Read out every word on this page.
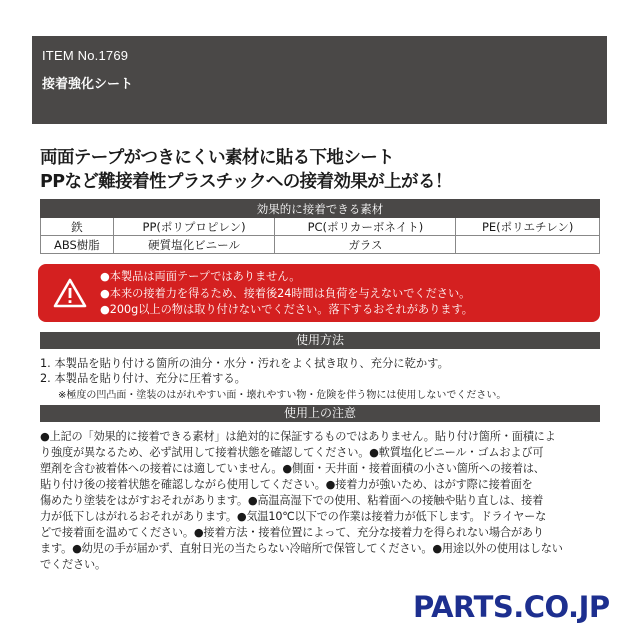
ITEM No.1769
接着強化シート
両面テープがつきにくい素材に貼る下地シート
PPなど難接着性プラスチックへの接着効果が上がる！
効果的に接着できる素材			
鉄	PP(ポリプロピレン)	PC(ポリカーボネイト)	PE(ポリエチレン)
ABS樹脂	硬質塩化ビニール	ガラス	
●本製品は両面テープではありません。
●本来の接着力を得るため、接着後24時間は負荷を与えないでください。
●200g以上の物は取り付けないでください。落下するおそれがあります。
使用方法
1. 本製品を貼り付ける箇所の油分・水分・汚れをよく拭き取り、充分に乾かす。
2. 本製品を貼り付け、充分に圧着する。
※極度の凹凸面・塗装のはがれやすい面・壊れやすい物・危険を伴う物には使用しないでください。
使用上の注意
●上記の「効果的に接着できる素材」は絶対的に保証するものではありません。貼り付け箇所・面積によ
り強度が異なるため、必ず試用して接着状態を確認してください。●軟質塩化ビニール・ゴムおよび可
塑剤を含む被着体への接着には適していません。●側面・天井面・接着面積の小さい箇所への接着は、
貼り付け後の接着状態を確認しながら使用してください。●接着力が強いため、はがす際に接着面を
傷めたり塗装をはがすおそれがあります。●高温高湿下での使用、粘着面への接触や貼り直しは、接着
力が低下しはがれるおそれがあります。●気温10℃以下での作業は接着力が低下します。ドライヤーな
どで接着面を温めてください。●接着方法・接着位置によって、充分な接着力を得られない場合があり
ます。●幼児の手が届かず、直射日光の当たらない冷暗所で保管してください。●用途以外の使用はしない
でください。
PARTS.CO.JP
